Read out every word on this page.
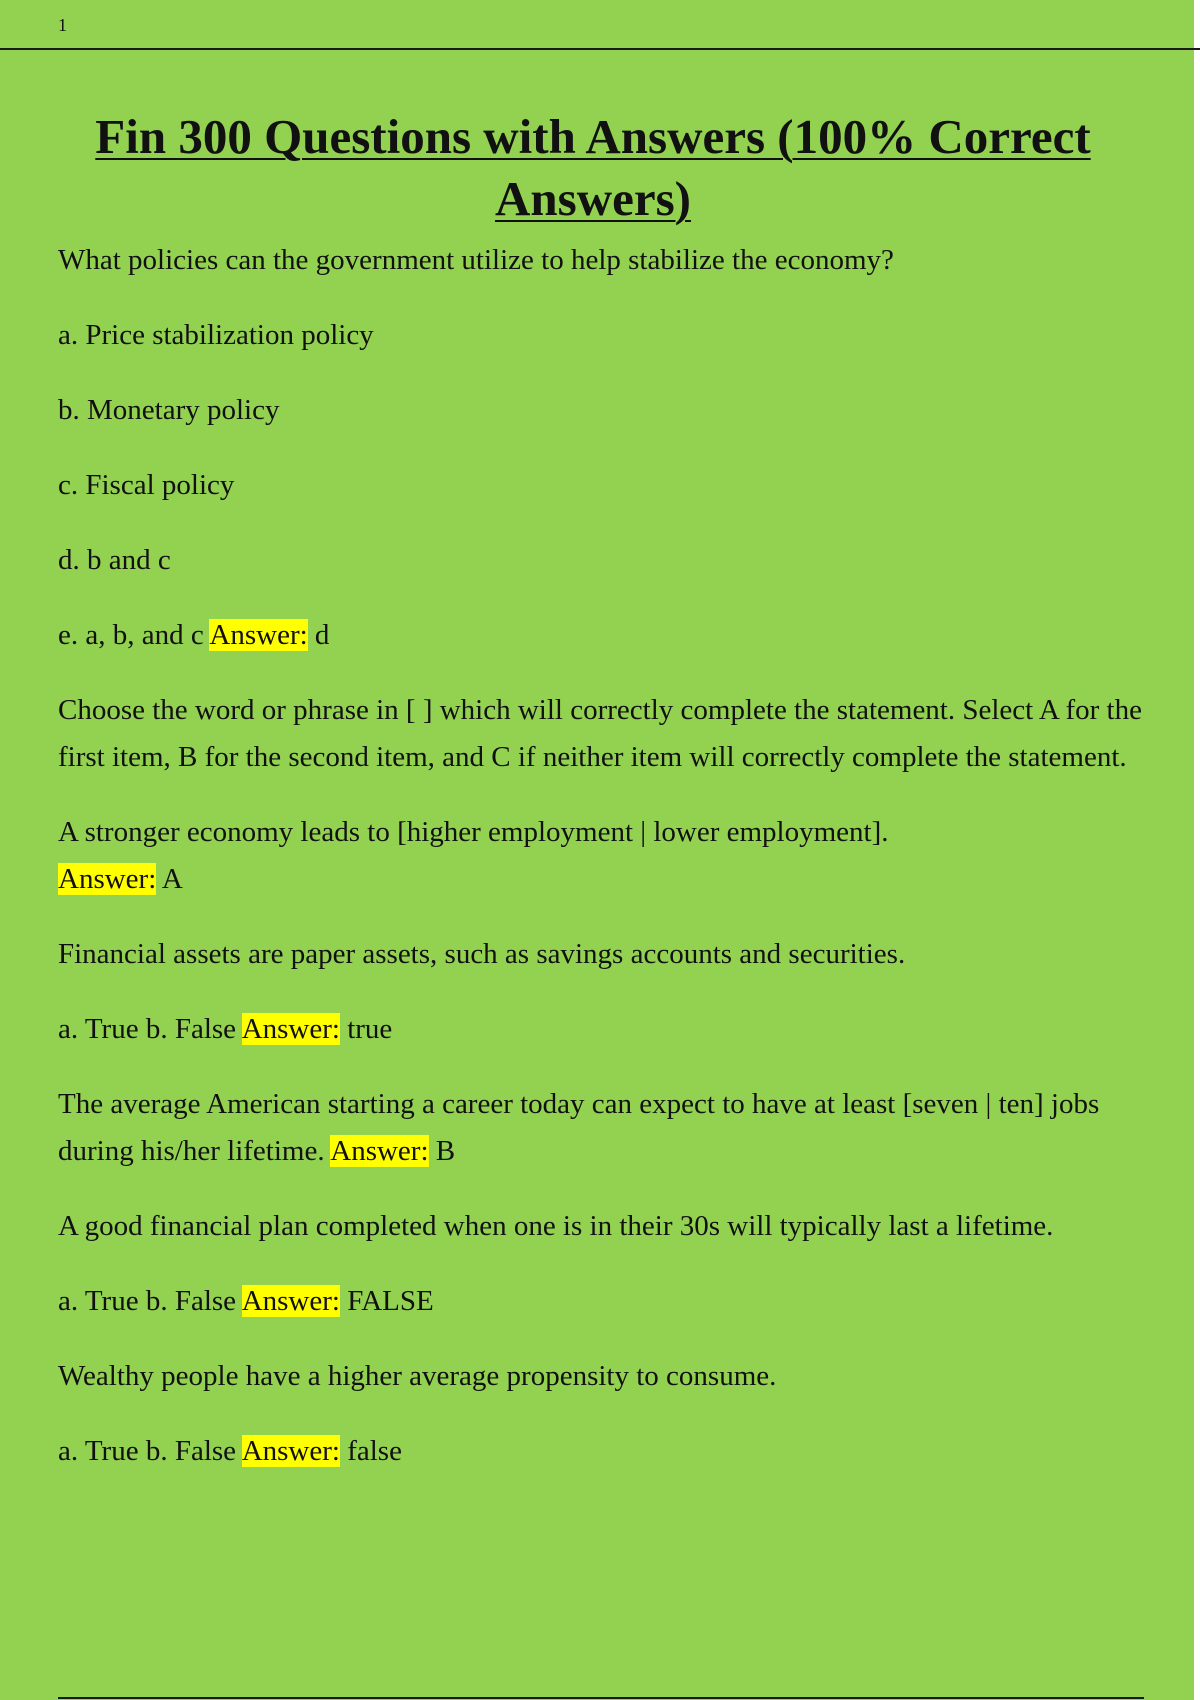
1
Fin 300 Questions with Answers (100% Correct Answers)

What policies can the government utilize to help stabilize the economy?

a. Price stabilization policy

b. Monetary policy

c. Fiscal policy

d. b and c

e. a, b, and c Answer: d

Choose the word or phrase in [ ] which will correctly complete the statement. Select A for the first item, B for the second item, and C if neither item will correctly complete the statement.

A stronger economy leads to [higher employment | lower employment].
Answer: A

Financial assets are paper assets, such as savings accounts and securities.

a. True b. False Answer: true

The average American starting a career today can expect to have at least [seven | ten] jobs during his/her lifetime. Answer: B

A good financial plan completed when one is in their 30s will typically last a lifetime.

a. True b. False Answer: FALSE

Wealthy people have a higher average propensity to consume.

a. True b. False Answer: false
